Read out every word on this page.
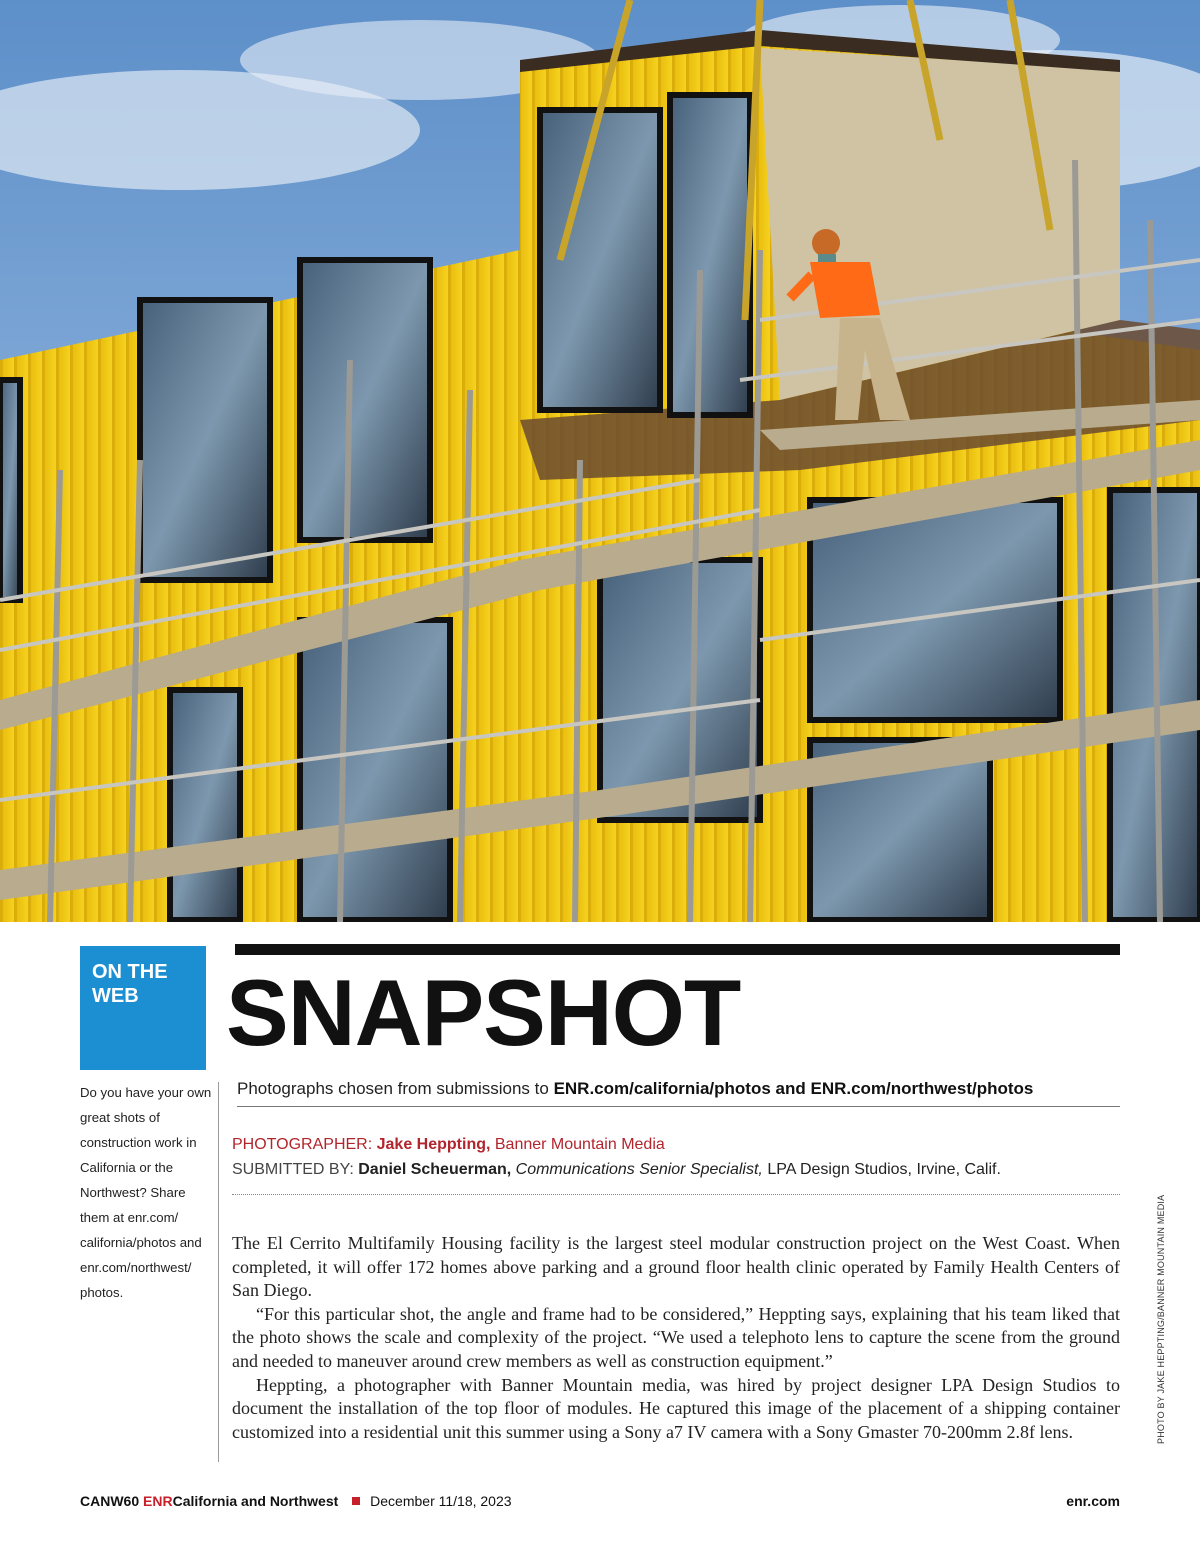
ON THE WEB
Do you have your own great shots of construction work in California or the Northwest? Share them at enr.com/ california/photos and enr.com/northwest/ photos.
SNAPSHOT
Photographs chosen from submissions to ENR.com/california/photos and ENR.com/northwest/photos
PHOTOGRAPHER: Jake Heppting, Banner Mountain Media
SUBMITTED BY: Daniel Scheuerman, Communications Senior Specialist, LPA Design Studios, Irvine, Calif.

The El Cerrito Multifamily Housing facility is the largest steel modular construction project on the West Coast. When completed, it will offer 172 homes above parking and a ground floor health clinic operated by Family Health Centers of San Diego.

“For this particular shot, the angle and frame had to be considered,” Heppting says, explaining that his team liked that the photo shows the scale and complexity of the project. “We used a telephoto lens to capture the scene from the ground and needed to maneuver around crew members as well as construction equipment.”

Heppting, a photographer with Banner Mountain media, was hired by project designer LPA Design Studios to document the installation of the top floor of modules. He captured this image of the placement of a shipping container customized into a residential unit this summer using a Sony a7 IV camera with a Sony Gmaster 70-200mm 2.8f lens.	PHOTO BY JAKE HEPPTING/BANNER MOUNTAIN MEDIA
CANW60 ENRCalifornia and Northwest December 11/18, 2023	enr.com
